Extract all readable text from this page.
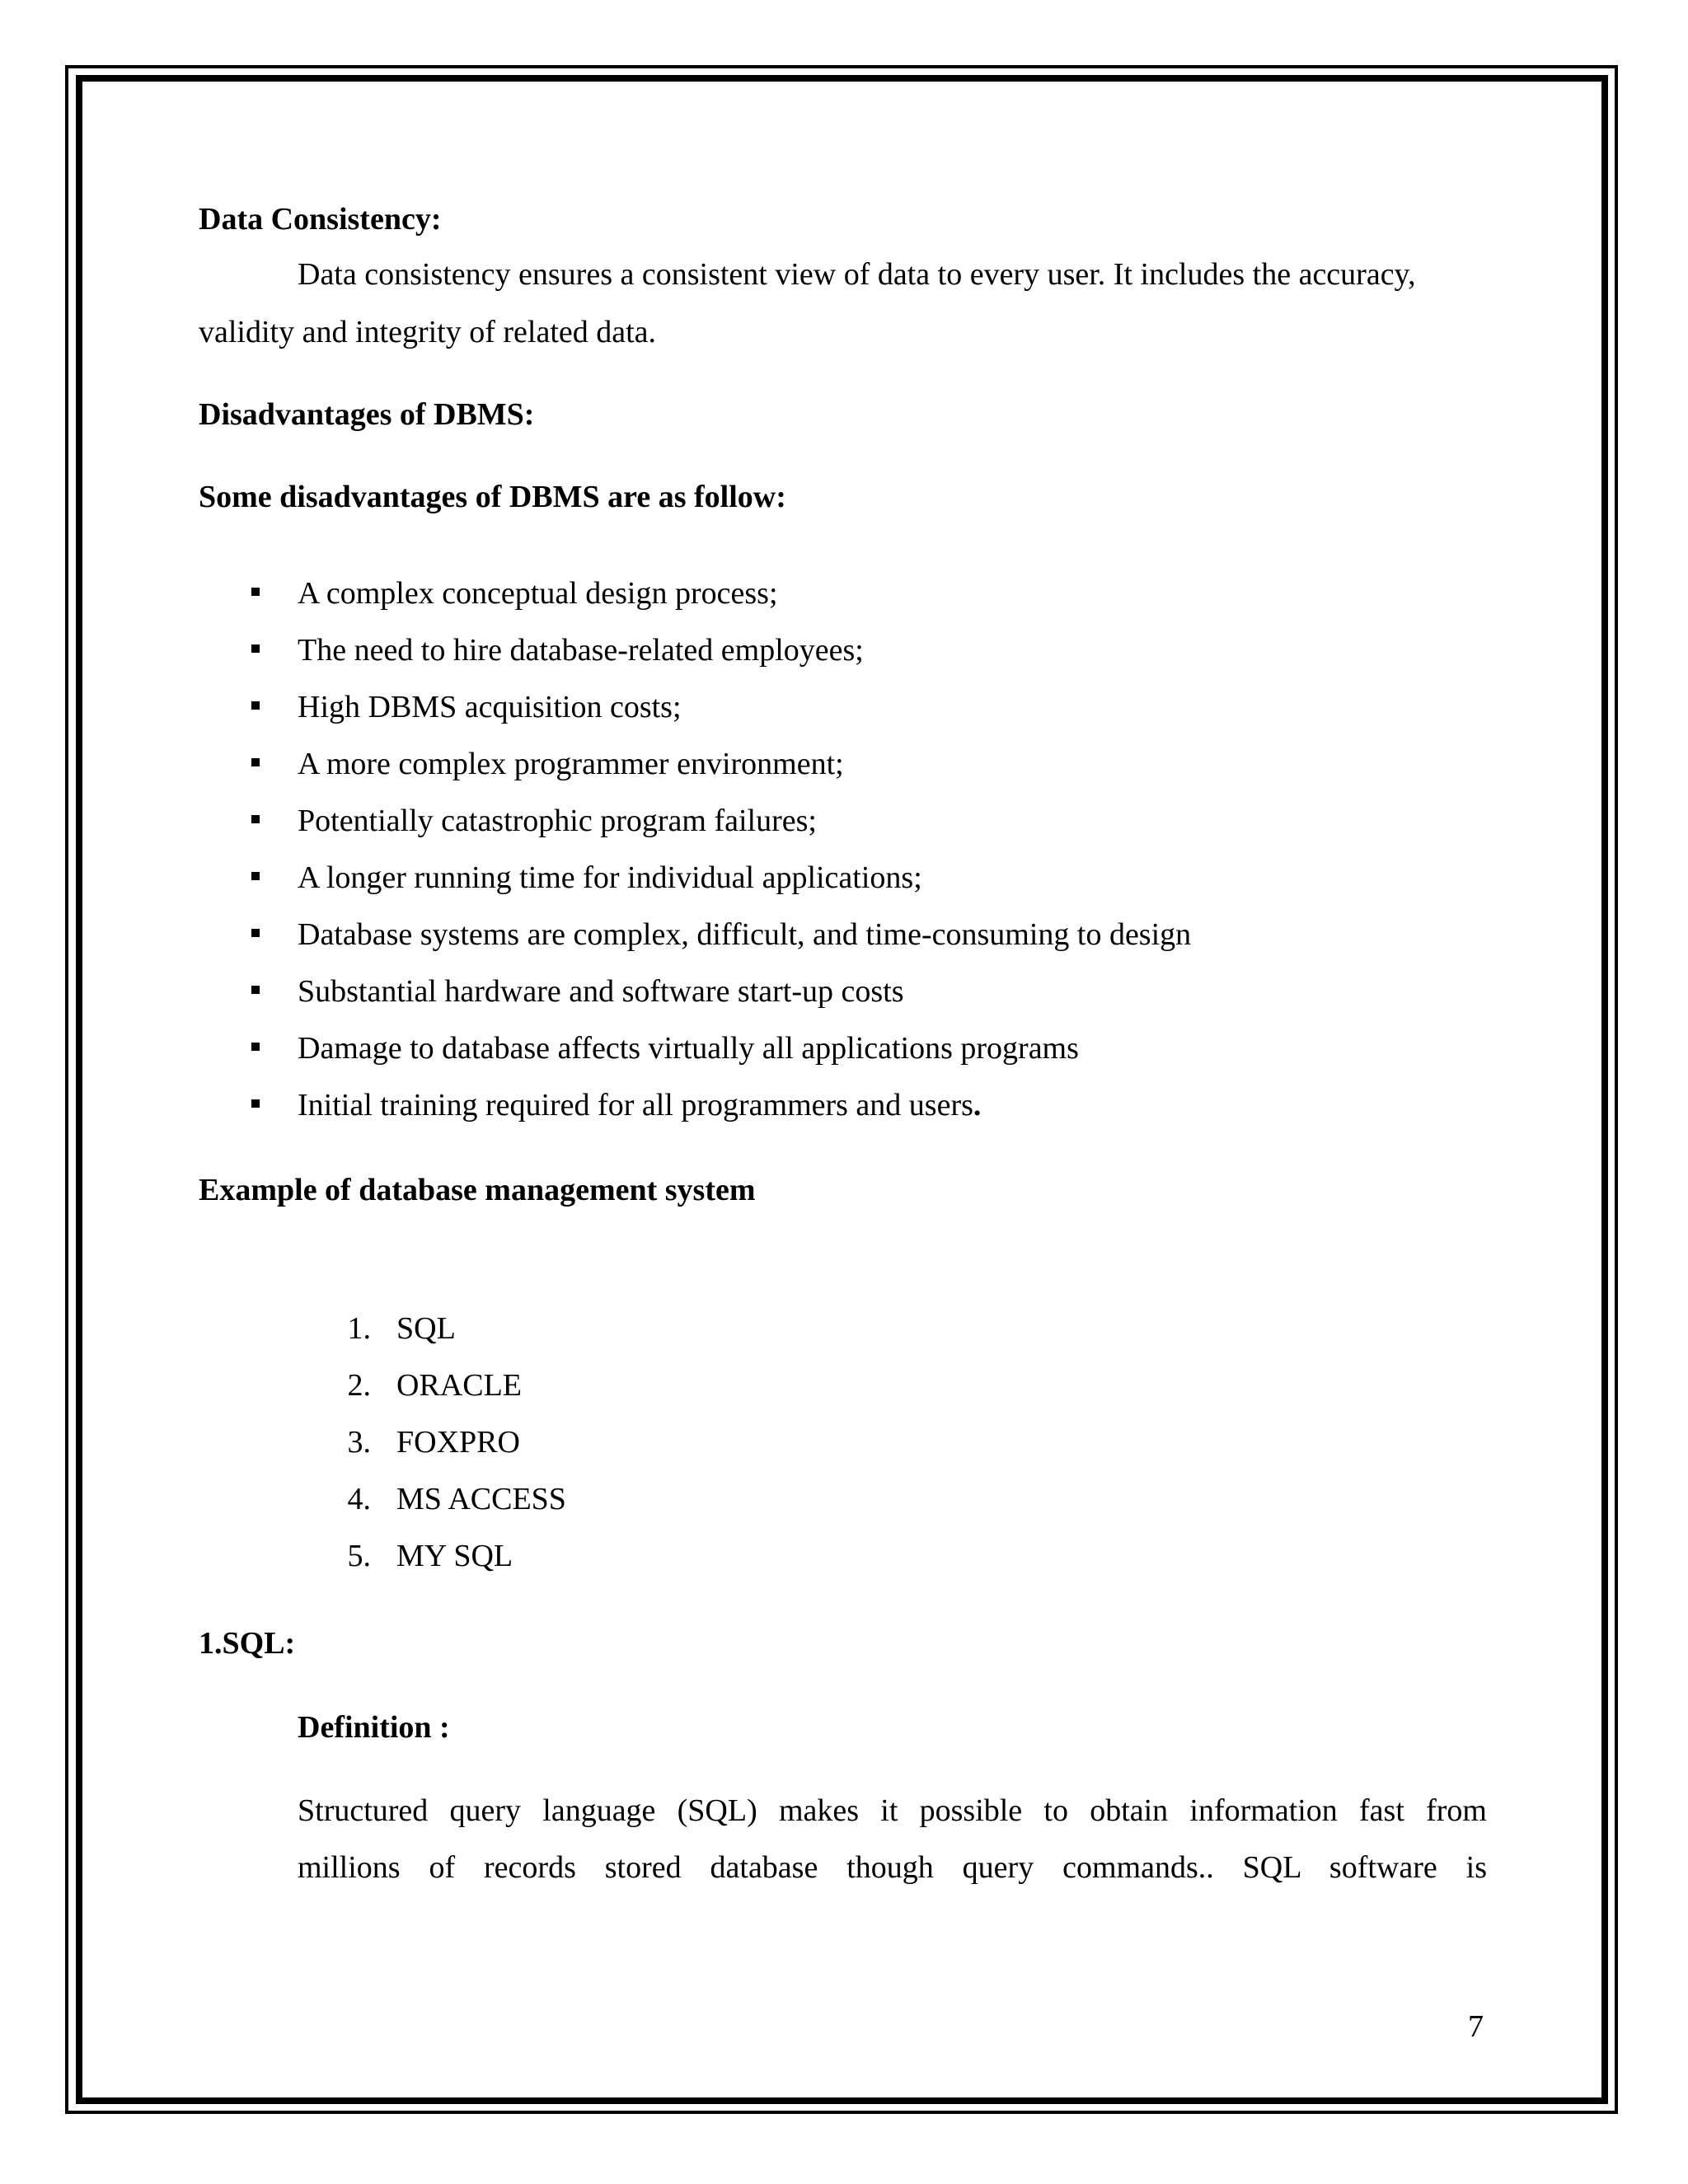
Data Consistency:
Data consistency ensures a consistent view of data to every user. It includes the accuracy,
validity and integrity of related data.
Disadvantages of DBMS:
Some disadvantages of DBMS are as follow:
A complex conceptual design process;
The need to hire database-related employees;
High DBMS acquisition costs;
A more complex programmer environment;
Potentially catastrophic program failures;
A longer running time for individual applications;
Database systems are complex, difficult, and time-consuming to design
Substantial hardware and software start-up costs
Damage to database affects virtually all applications programs
Initial training required for all programmers and users.
Example of database management system
1. SQL
2. ORACLE
3. FOXPRO
4. MS ACCESS
5. MY SQL
1.SQL:
Definition :
Structured query language (SQL) makes it possible to obtain information fast from
millions of records stored database though query commands.. SQL software is
7
